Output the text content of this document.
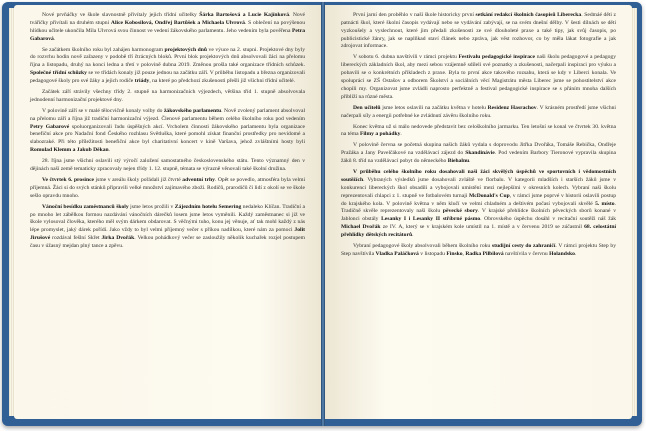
Nové prvňáčky ve škole slavnostně přivítaly jejich třídní učitelky Šárka Bartošová a Lucie Kajínková. Nové tvářičky přivítali na druhém stupni Alice Kobosilová, Ondřej Bartůšek a Michaela Ulvrová. S oblečení na povýšenou hlídkou učitele ukončila Míla Ulvrová svou činnost ve vedení žákovského parlamentu. Jeho vedením byla pověřena Petra Gabarová.

Se začátkem školního roku byl zahájen harmonogram projektových dnů ve výuce na 2. stupni. Projektové dny byly do rozvrhu hodin nově zařazeny v podobě tří čtrácných bloků. První blok projektových dnů absolvovali žáci na přelomu října a listopadu, druhý na konci ledna a třetí v polovině dubna 2019. Změnou prošla také organizace třídních schůzek. Společné třídní schůzky se ve třídách konaly již pouze jednou na začátku září. V průběhu listopadu a března organizovali pedagogové školy pro své žáky a jejich rodiče triády, na které po předchozí zkušenosti přešli již všichni třídní učitelé.

Začátek září strávily všechny třídy 2. stupně na harmonizačních výjezdech, většina tříd 1. stupně absolvovala jednodenní harmonizační projektové dny.

V polovině září se v malé tělocvičně konaly volby do žákovského parlamentu. Nově zvolený parlament absolvoval na přelomu září a října již tradiční harmonizační výjezd. Členové parlamentu během celého školního roku pod vedením Petry Gabarové spoluorganizovali řadu úspěšných akcí. Vrcholem činnosti žákovského parlamentu byla organizace benefiční akce pro Nadační fond Českého rozhlasu Světluška, které pomohl získat finanční prostředky pro nevidomé a slabozraké. Při této příležitosti benefiční akce byl charitativní koncert v kině Varšava, jehož zvláštními hosty byli Romulad Klemm a Jakub Děkan.

28. října jsme všichni oslavili stý výročí založení samostatného československého státu. Tento významný den v dějinách naší země tematicky zpracovaly nejen třídy 1. 12. stupně, témata se výrazně věnovali také školní družina.

Ve čtvrtek 6. prosince jsme v areálu školy pořádali již čtvrté adventní trhy. Opět se povedlo, atmosféra byla velmi příjemná. Žáci si do svých stánků připravili velké množství zajímavého zboží. Rodičů, prarodičů či lidí z okolí se ve škole sešlo opravdu mnoho.

Vánoční besídku zaměstnanců školy jsme letos prožili v Zájezdním hotelu Semering nedaleko Klíčan. Tradiční a po mnoho let zábělkou formou nazdávání vánočních dárečků losem jsme letos vyměnili. Každý zaměstnanec si již ve škole vylosoval člověka, kterého měl svým dárkem obdarovat. S věčnými tuho, konu jej věnuje, ať tak mohl každý z nás lépe promyslet, jaký dárek pořídí. Jako vždy to byl velmi příjemný večer s příkou nadílkou, které nám za pomoci Jolit Jirušové rozdával fešlní Skřet Jirka Dvořák. Velkou pohádkový večer se zasloužily několik kuchařek rozjel postupem času v úžasný mejdan plný tance a zpěvu.

První jarní den proběhlo v naší škole historicky první setkání redakcí školních časopisů Libereckа. Sedmáé děti z patnácti škol, které školní časopis vydávají nebo se vydávání zabývají, se na svém dnešní dělby. V šesti dílnách se děti vyzkoušely a vyslechnout, které jim předali zkušenosti ze své dlouholeté praxe a také tipy, jak svůj časopis, po publicistické žánry, jak se naplňkad staví článek nebo zpráva, jak věst rozhovor, co by měla lákat fotografie a jak zdrojovat informace.

V sobotu 6. dubna navštívili v rámci projektu Festivalu pedagogické inspirace naši školu pedagogové a pedagogy libereckých základních škol, aby mezi sebou vzájemně sdíleli své poznatky a zkušenosti, načerpali inspiraci pro výuku a pobavili se o konkrétních příkladech z praxe. Byla to první akce takového rozsahu, která se kdy v Liberci konala. Ve spolupráci se ZŠ Ostašov a odborem Školství a sociálních věcí Magistrátu města Liberec jsme se pohostitelství akce chopili my. Organizovat jsme zvládli naprosto perfektně a festival pedagogické inspirace se s přáním mnoha dalších přiblíží na různé města.

Den učitelů jsme letos oslavili na začátku května v hotelu Residenz Hasrachov. V krásném prostředí jsme všichni načerpali síly a energii potřebné ke zvládnutí závěru školního roku.

Konec května už si málo nedovede představit bez celoškolního jarmarku. Ten letošní se konal ve čtvrtek 30. května na téma Filmy a pohádky.

V polovině června se početná skupina našich žáků vydala s doprovodu Jitřka Dvořáka, Tomáše Rebička, Ondřeje Pražáka a Jany Pavelčákové na vzdělávací zájezd do Skandinávie. Pod vedením Barbory Tieronové vypravila skupina žáků 8. tříd na vzdělávací pobyt do německého Biehalnu.

V průběhu celého školního roku dosahovali naši žáci skvělých úspěchů ve sportovních i vědomostních soutěžích. Vybraných výsledků jsme dosahovali zvláště ve florbalu. V kategorii mladších i starších žáků jsme v konkurenci libereckých škol obsadili a vybojovali umístění mezi nejlepšími v okresních kolech. Vybraní naši školu reprezentovali chlapci z 1. stupně ve fotbalovém turnaji McDonald's Cup, v rámci jsme poprvé v historii oslavili postup do krajského kola. V polovině května v něm klučí ve velmi chladném a deštivém počasí vybojovali skvělé 5. místo. Tradičně skvěle reprezentovaly naši školu pěvecké sbory. V krajské přehlídce školních pěveckých sborů konané v Jablonci obstály Lesanky I i Lesanky II stříbrné pásmo. Obrovského úspěchu dosáhl v recitační soutěži náš žák Michael Dvořák ze IV. A, který se v krajském kole umístil na 1. místě a v červenu 2019 se zúčastnil 68. celostátní přehlídky dětských recitátorů.

Vybraní pedagogové školy absolvovali během školního roku studijní cesty do zahraničí. V rámci projektu Step by Step navštívila Vladka Paláčková v listopadu Finsko, Radka Pilbilová navštívila v červnu Holandsko.
